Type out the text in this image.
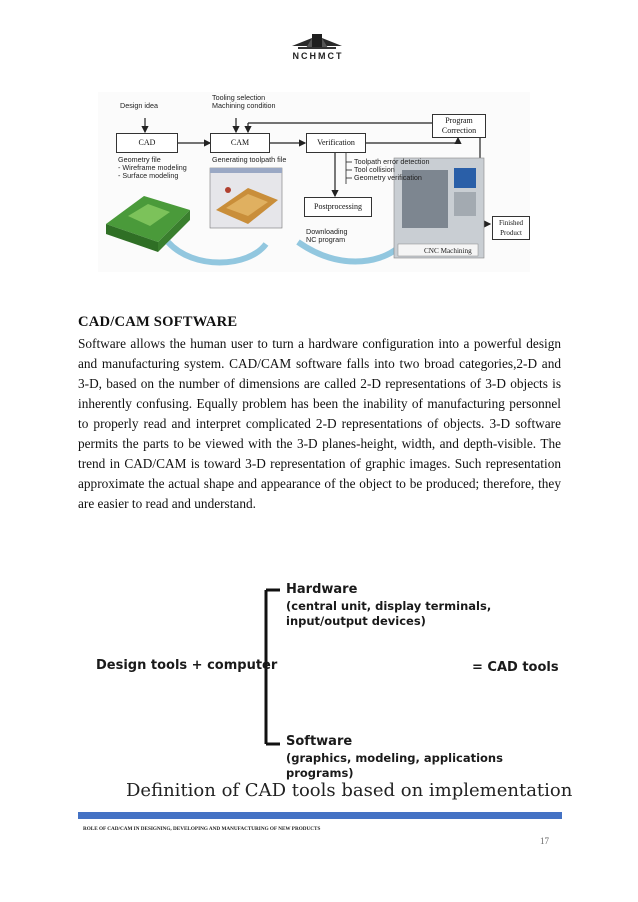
NCHMCT
Design idea
Tooling selection
Machining condition
CAD	CAM	Verification
Program
Correction
Geometry file
- Wireframe modeling
- Surface modeling
Generating toolpath file	Toolpath error detection
Tool collision
Geometry verification
Postprocessing
Downloading
NC program
CNC Machining
Finished
Product
CAD/CAM SOFTWARE
Software allows the human user to turn a hardware configuration into a powerful design and manufacturing system. CAD/CAM software falls into two broad categories,2-D and 3-D, based on the number of dimensions are called 2-D representations of 3-D objects is inherently confusing. Equally problem has been the inability of manufacturing personnel to properly read and interpret complicated 2-D representations of objects. 3-D software permits the parts to be viewed with the 3-D planes-height, width, and depth-visible. The trend in CAD/CAM is toward 3-D representation of graphic images. Such representation approximate the actual shape and appearance of the object to be produced; therefore, they are easier to read and understand.
Hardware
(central unit, display terminals,
input/output devices)
Design tools + computer	= CAD tools
Software
(graphics, modeling, applications
programs)
Definition of CAD tools based on implementation
ROLE OF CAD/CAM IN DESIGNING, DEVELOPING AND MANUFACTURING OF NEW PRODUCTS
17
